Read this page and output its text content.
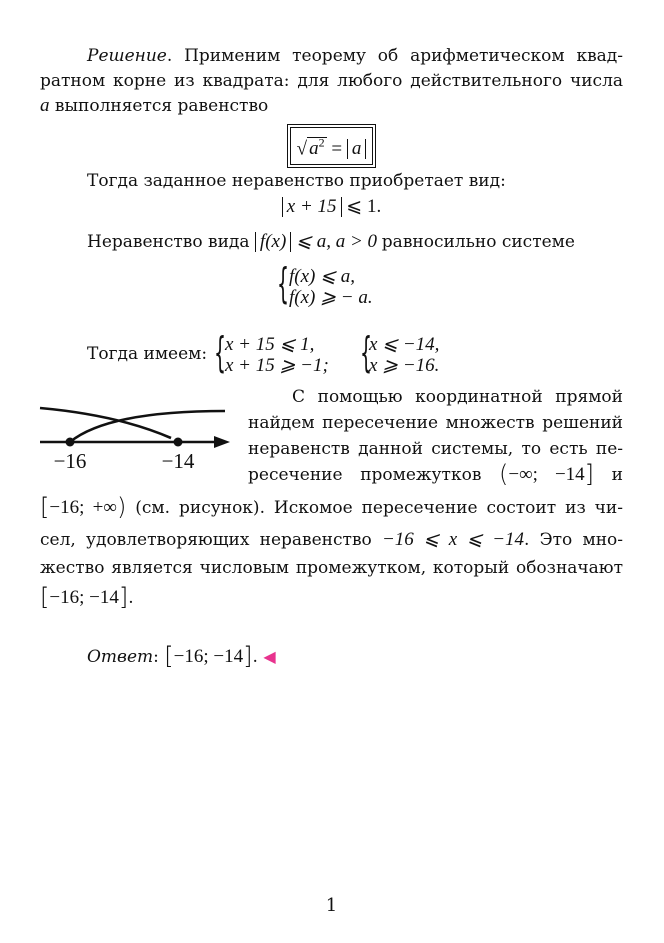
Решение. Применим теорему об арифметическом квад-
ратном корне из квадрата: для любого действительного числа
a выполняется равенство
√ $a^2 = a$
Тогда заданное неравенство приобретает вид:
x + 15 ⩽ 1.
Неравенство вида f(x) ⩽ a, a > 0 равносильно системе
{ f(x) ⩽ a,
f(x) ⩾ − a.
Тогда имеем: {
x + 15 ⩽ 1,
x + 15 ⩾ −1; {
x ⩽ −14,
x ⩾ −16.
−16	−14
С помощью координатной прямой
найдем пересечение множеств решений
неравенств данной системы, то есть пе-
ресечение промежутков (−∞; −14] и
[−16; +∞) (см. рисунок). Искомое пересечение состоит из чи-
сел, удовлетворяющих неравенство −16 ⩽ x ⩽ −14. Это мно-
жество является числовым промежутком, который обозначают
[−16; −14].
Ответ: [−16; −14]. ◀
1
